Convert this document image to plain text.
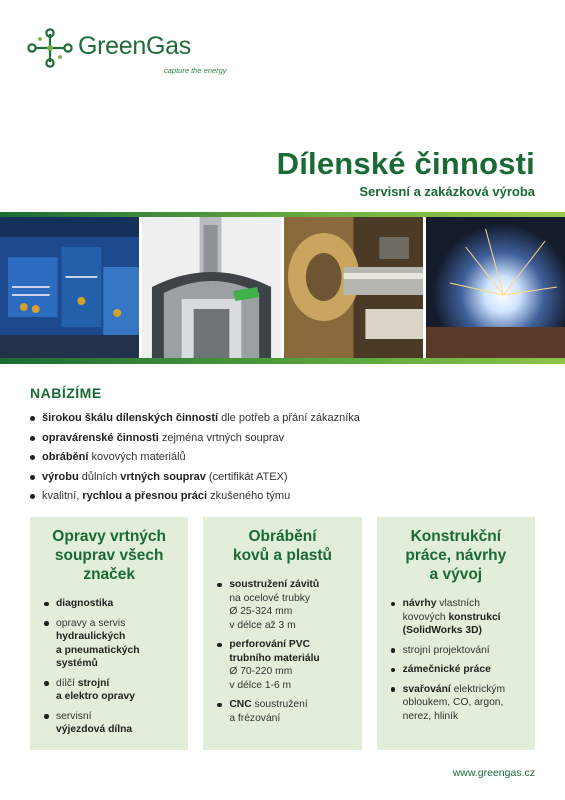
GreenGas
capture the energy
Dílenské činnosti
Servisní a zakázková výroba
NABÍZÍME
širokou škálu dílenských činností dle potřeb a přání zákazníka
opravárenské činnosti zejména vrtných souprav
obrábění kovových materiálů
výrobu důlních vrtných souprav (certifikát ATEX)
kvalitní, rychlou a přesnou práci zkušeného týmu
Opravy vrtných
souprav všech
značek
diagnostika
opravy a servis
hydraulických
a pneumatických
systémů
dílčí strojní
a elektro opravy
servisní
výjezdová dílna
Obrábění
kovů a plastů
soustružení závitů
na ocelové trubky
Ø 25-324 mm
v délce až 3 m
perforování PVC
trubního materiálu
Ø 70-220 mm
v délce 1-6 m
CNC soustružení
a frézování
Konstrukční
práce, návrhy
a vývoj
návrhy vlastních
kovových konstrukcí
(SolidWorks 3D)
strojní projektování
zámečnické práce
svařování elektrickým
obloukem, CO, argon,
nerez, hliník
www.greengas.cz
